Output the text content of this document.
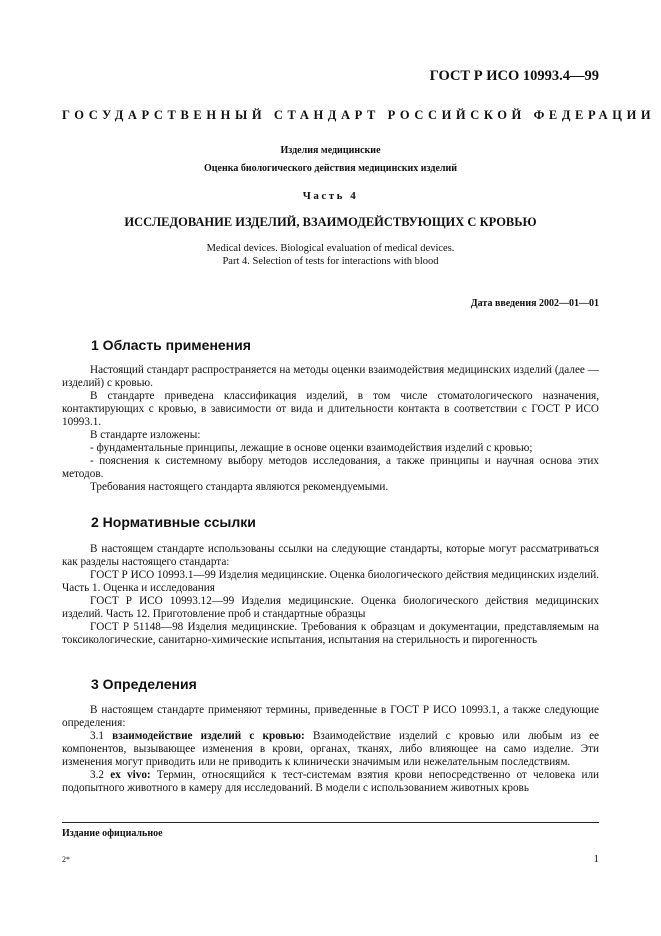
ГОСТ Р ИСО 10993.4—99
ГОСУДАРСТВЕННЫЙ СТАНДАРТ РОССИЙСКОЙ ФЕДЕРАЦИИ
Изделия медицинские
Оценка биологического действия медицинских изделий
Часть 4
ИССЛЕДОВАНИЕ ИЗДЕЛИЙ, ВЗАИМОДЕЙСТВУЮЩИХ С КРОВЬЮ
Medical devices. Biological evaluation of medical devices.
Part 4. Selection of tests for interactions with blood
Дата введения 2002—01—01
1 Область применения

Настоящий стандарт распространяется на методы оценки взаимодействия медицинских изделий (далее — изделий) с кровью.

В стандарте приведена классификация изделий, в том числе стоматологического назначения, контактирующих с кровью, в зависимости от вида и длительности контакта в соответствии с ГОСТ Р ИСО 10993.1.

В стандарте изложены:

- фундаментальные принципы, лежащие в основе оценки взаимодействия изделий с кровью;

- пояснения к системному выбору методов исследования, а также принципы и научная основа этих методов.

Требования настоящего стандарта являются рекомендуемыми.

2 Нормативные ссылки

В настоящем стандарте использованы ссылки на следующие стандарты, которые могут рассматриваться как разделы настоящего стандарта:

ГОСТ Р ИСО 10993.1—99 Изделия медицинские. Оценка биологического действия медицинских изделий. Часть 1. Оценка и исследования

ГОСТ Р ИСО 10993.12—99 Изделия медицинские. Оценка биологического действия медицинских изделий. Часть 12. Приготовление проб и стандартные образцы

ГОСТ Р 51148—98 Изделия медицинские. Требования к образцам и документации, представляемым на токсикологические, санитарно-химические испытания, испытания на стерильность и пирогенность

3 Определения

В настоящем стандарте применяют термины, приведенные в ГОСТ Р ИСО 10993.1, а также следующие определения:

3.1 взаимодействие изделий с кровью: Взаимодействие изделий с кровью или любым из ее компонентов, вызывающее изменения в крови, органах, тканях, либо влияющее на само изделие. Эти изменения могут приводить или не приводить к клинически значимым или нежелательным последствиям.

3.2 ex vivo: Термин, относящийся к тест-системам взятия крови непосредственно от человека или подопытного животного в камеру для исследований. В модели с использованием животных кровь

Издание официальное
2*	1
